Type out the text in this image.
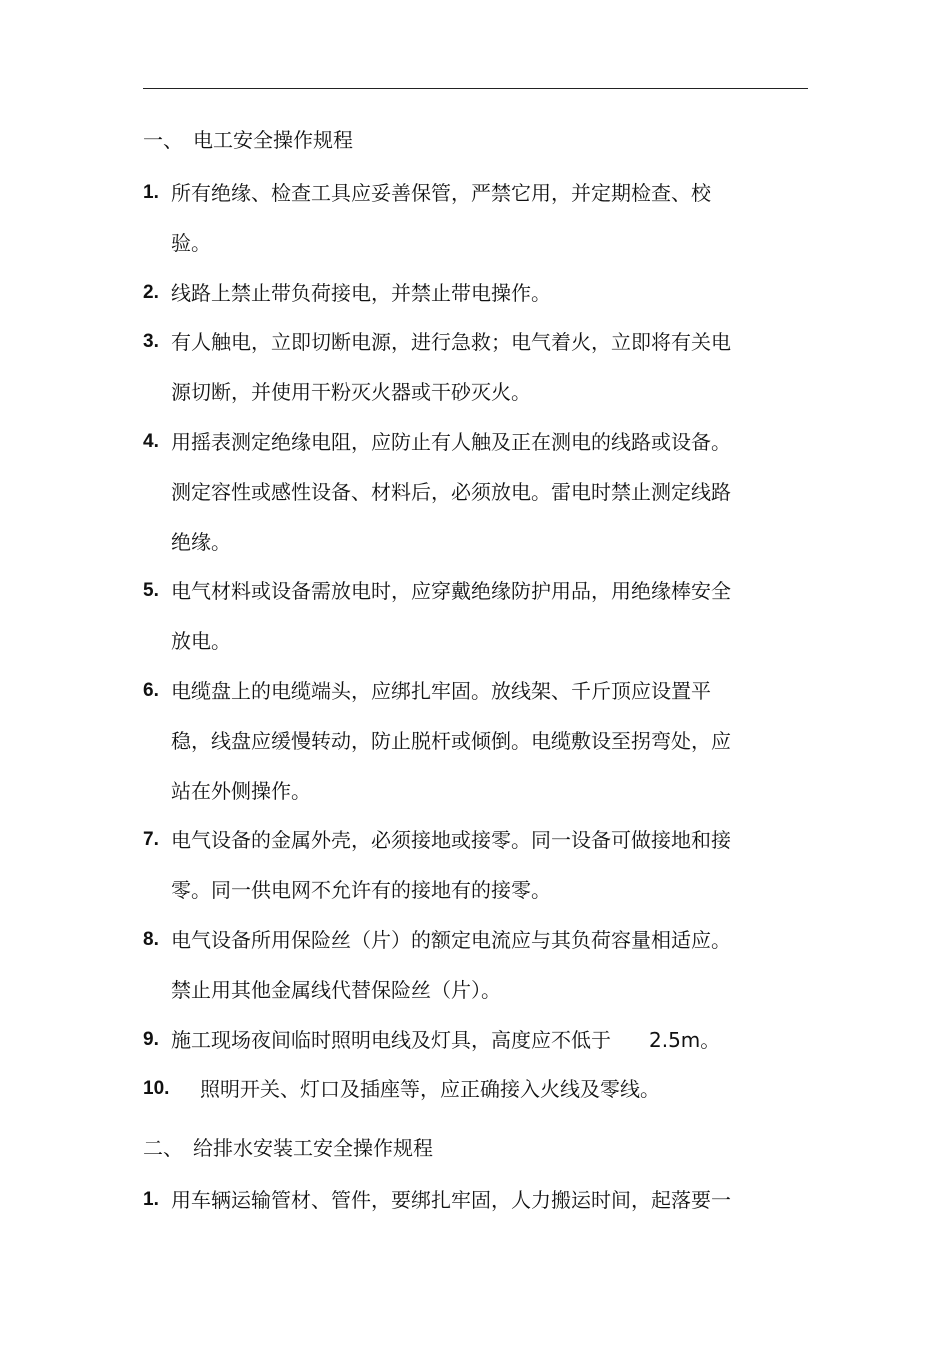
一、 电工安全操作规程
1. 所有绝缘、检查工具应妥善保管，严禁它用，并定期检查、校
验。
2. 线路上禁止带负荷接电，并禁止带电操作。
3. 有人触电，立即切断电源，进行急救；电气着火，立即将有关电
源切断，并使用干粉灭火器或干砂灭火。
4. 用摇表测定绝缘电阻，应防止有人触及正在测电的线路或设备。
测定容性或感性设备、材料后，必须放电。雷电时禁止测定线路
绝缘。
5. 电气材料或设备需放电时，应穿戴绝缘防护用品，用绝缘棒安全
放电。
6. 电缆盘上的电缆端头，应绑扎牢固。放线架、千斤顶应设置平
稳，线盘应缓慢转动，防止脱杆或倾倒。电缆敷设至拐弯处，应
站在外侧操作。
7. 电气设备的金属外壳，必须接地或接零。同一设备可做接地和接
零。同一供电网不允许有的接地有的接零。
8. 电气设备所用保险丝（片）的额定电流应与其负荷容量相适应。
禁止用其他金属线代替保险丝（片）。
9. 施工现场夜间临时照明电线及灯具，高度应不低于 2.5m。
10. 照明开关、灯口及插座等，应正确接入火线及零线。
二、 给排水安装工安全操作规程
1. 用车辆运输管材、管件，要绑扎牢固，人力搬运时间，起落要一
